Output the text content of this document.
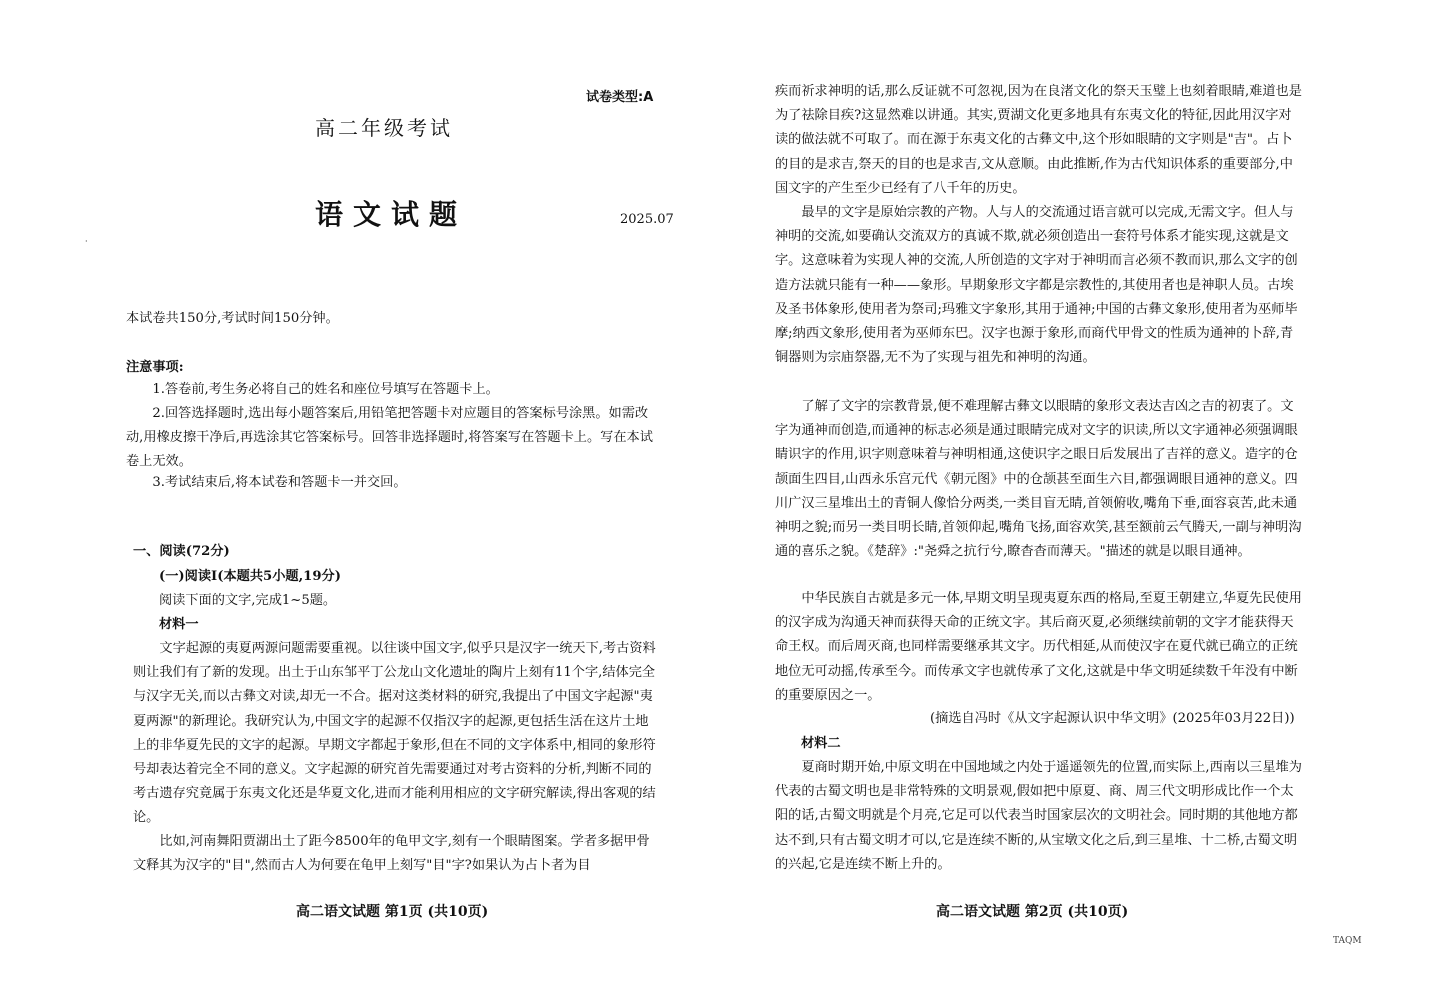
试卷类型:A
高二年级考试
语文试题	2025.07
·
本试卷共150分,考试时间150分钟。
注意事项:
1.答卷前,考生务必将自己的姓名和座位号填写在答题卡上。
2.回答选择题时,选出每小题答案后,用铅笔把答题卡对应题目的答案标号涂黑。如需改动,用橡皮擦干净后,再选涂其它答案标号。回答非选择题时,将答案写在答题卡上。写在本试卷上无效。
3.考试结束后,将本试卷和答题卡一并交回。
一、阅读(72分)
(一)阅读Ⅰ(本题共5小题,19分)
阅读下面的文字,完成1~5题。
材料一
文字起源的夷夏两源问题需要重视。以往谈中国文字,似乎只是汉字一统天下,考古资料则让我们有了新的发现。出土于山东邹平丁公龙山文化遗址的陶片上刻有11个字,结体完全与汉字无关,而以古彝文对读,却无一不合。据对这类材料的研究,我提出了中国文字起源"夷夏两源"的新理论。我研究认为,中国文字的起源不仅指汉字的起源,更包括生活在这片土地上的非华夏先民的文字的起源。早期文字都起于象形,但在不同的文字体系中,相同的象形符号却表达着完全不同的意义。文字起源的研究首先需要通过对考古资料的分析,判断不同的考古遗存究竟属于东夷文化还是华夏文化,进而才能利用相应的文字研究解读,得出客观的结论。
比如,河南舞阳贾湖出土了距今8500年的龟甲文字,刻有一个眼睛图案。学者多据甲骨文释其为汉字的"目",然而古人为何要在龟甲上刻写"目"字?如果认为占卜者为目
高二语文试题 第1页 (共10页)
疾而祈求神明的话,那么反证就不可忽视,因为在良渚文化的祭天玉璧上也刻着眼睛,难道也是为了祛除目疾?这显然难以讲通。其实,贾湖文化更多地具有东夷文化的特征,因此用汉字对读的做法就不可取了。而在源于东夷文化的古彝文中,这个形如眼睛的文字则是"吉"。占卜的目的是求吉,祭天的目的也是求吉,文从意顺。由此推断,作为古代知识体系的重要部分,中国文字的产生至少已经有了八千年的历史。
最早的文字是原始宗教的产物。人与人的交流通过语言就可以完成,无需文字。但人与神明的交流,如要确认交流双方的真诚不欺,就必须创造出一套符号体系才能实现,这就是文字。这意味着为实现人神的交流,人所创造的文字对于神明而言必须不教而识,那么文字的创造方法就只能有一种——象形。早期象形文字都是宗教性的,其使用者也是神职人员。古埃及圣书体象形,使用者为祭司;玛雅文字象形,其用于通神;中国的古彝文象形,使用者为巫师毕摩;纳西文象形,使用者为巫师东巴。汉字也源于象形,而商代甲骨文的性质为通神的卜辞,青铜器则为宗庙祭器,无不为了实现与祖先和神明的沟通。
了解了文字的宗教背景,便不难理解古彝文以眼睛的象形文表达吉凶之吉的初衷了。文字为通神而创造,而通神的标志必须是通过眼睛完成对文字的识读,所以文字通神必须强调眼睛识字的作用,识字则意味着与神明相通,这使识字之眼日后发展出了吉祥的意义。造字的仓颉面生四目,山西永乐宫元代《朝元图》中的仓颉甚至面生六目,都强调眼目通神的意义。四川广汉三星堆出土的青铜人像恰分两类,一类目盲无睛,首领俯收,嘴角下垂,面容哀苦,此未通神明之貌;而另一类目明长睛,首领仰起,嘴角飞扬,面容欢笑,甚至额前云气腾天,一副与神明沟通的喜乐之貌。《楚辞》:"尧舜之抗行兮,瞭杳杳而薄天。"描述的就是以眼目通神。
中华民族自古就是多元一体,早期文明呈现夷夏东西的格局,至夏王朝建立,华夏先民使用的汉字成为沟通天神而获得天命的正统文字。其后商灭夏,必须继续前朝的文字才能获得天命王权。而后周灭商,也同样需要继承其文字。历代相延,从而使汉字在夏代就已确立的正统地位无可动摇,传承至今。而传承文字也就传承了文化,这就是中华文明延续数千年没有中断的重要原因之一。
(摘选自冯时《从文字起源认识中华文明》(2025年03月22日))
材料二
夏商时期开始,中原文明在中国地域之内处于遥遥领先的位置,而实际上,西南以三星堆为代表的古蜀文明也是非常特殊的文明景观,假如把中原夏、商、周三代文明形成比作一个太阳的话,古蜀文明就是个月亮,它足可以代表当时国家层次的文明社会。同时期的其他地方都达不到,只有古蜀文明才可以,它是连续不断的,从宝墩文化之后,到三星堆、十二桥,古蜀文明的兴起,它是连续不断上升的。
高二语文试题 第2页 (共10页)
TAQM
